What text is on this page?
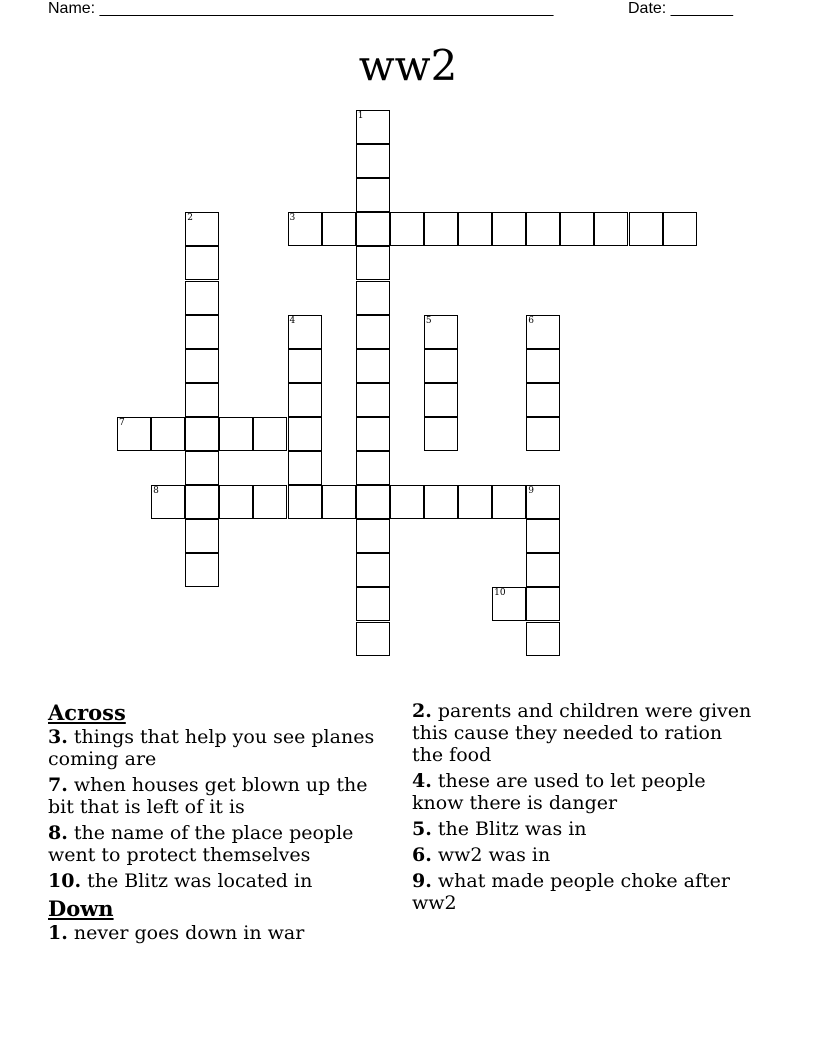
Name: ___________________________________________________	Date: _______
ww2
1
2	3
4	5	6
7
8	9
10
Across
3. things that help you see planes coming are
7. when houses get blown up the bit that is left of it is
8. the name of the place people went to protect themselves
10. the Blitz was located in
Down
1. never goes down in war
2. parents and children were given this cause they needed to ration the food
4. these are used to let people know there is danger
5. the Blitz was in
6. ww2 was in
9. what made people choke after ww2
